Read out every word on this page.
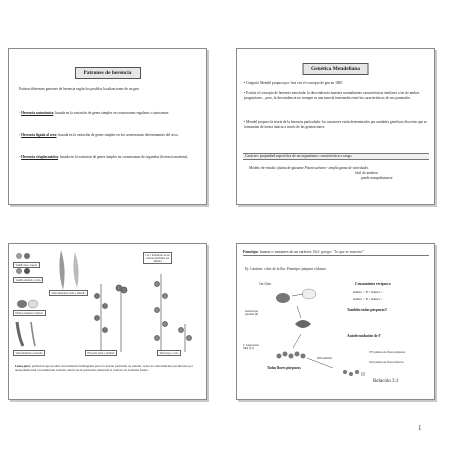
Patrones de herencia
Existen diferentes patrones de herencia según los posibles localizaciones de un gen:
- Herencia autosómica: basada en la variación de genes simples en cromosomas regulares o autosomas.
- Herencia ligada al sexo: basada en la variación de genes simples en los cromosomas determinantes del sexo.
- Herencia citoplasmática: basada en la variación de genes simples en cromosomas de organelas (herencia materna).
Genética Mendeliana
• Gregorio Mendel propuso por 1era vez el concepto de gen en 1865
• Existía el concepto de herencia mezclada: la descendencia muestra normalmente características similares a las de ambos progenitores... pero, la descendencia no siempre es una mezcla intermedia entre las características de sus parentales.
• Mendel propuso la teoría de la herencia particulada: los caracteres están determinados por unidades genéticas discretas que se transmiten de forma intacta a través de las generaciones.
Carácter: propiedad específica de un organismo; característica o rasgo.
Modelo de estudio: planta de guisante Pisum sativum - amplia gama de variedades
fácil de analizar
puede autopolinizarse
Las 7 diferencias en un
carácter estudiadas por
Mendel
Semilla lisa o rugosa
Semilla amarilla o verde
Vaina inmadura verde o amarilla
Pétalos púrpuras o blancos
Vaina hinchada o estrecha	Floración axial o terminal	Tallo largo o corto
Línea pura: población que produce descendencia homogénea para el carácter particular en estudio; todos los descendientes producidos por autopolinización o fecundación cruzada, dentro de la población, muestran el carácter de la misma forma.
Fenotipo: formas o variantes de un carácter. Del: griego: "lo que se muestra"
Ej: Carácter: color de la flor. Fenotipo: púrpura o blanco
1er Gen:
Generación
parental (P)
1ª Generación
filial (F1)
Todas flores púrpuras
Cruzamiento recíproco
hembra ♀ B × hembra ♂
hembra ♀ B × hembra ♂
También todas púrpuras!!
Autofecundación de F
929 semillas
705 plantas de flores púrpuras
224 plantas de flores blancas
Relación 3:1
1
